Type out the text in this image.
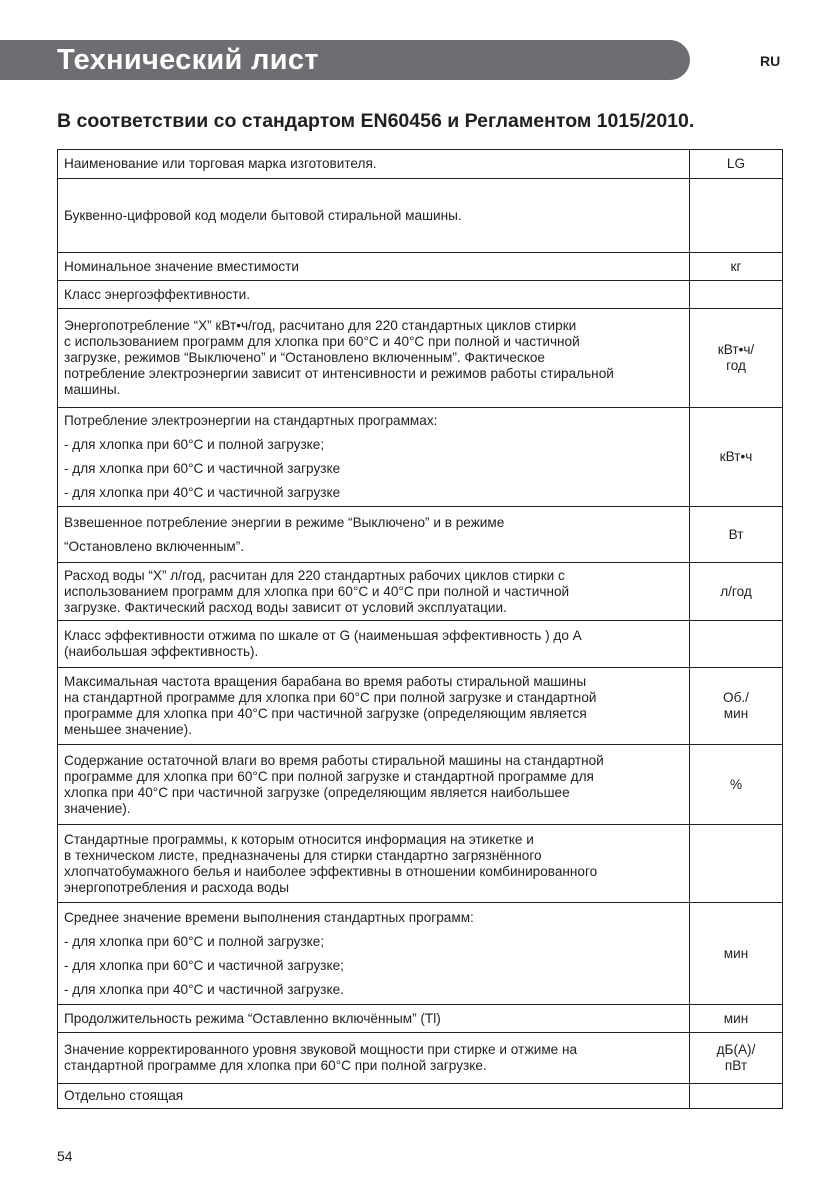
Технический лист	RU
В соответствии со стандартом EN60456 и Регламентом 1015/2010.
Наименование или торговая марка изготовителя.	LG

Буквенно-цифровой код модели бытовой стиральной машины.	

Номинальное значение вместимости	кг

Класс энергоэффективности.	

Энергопотребление “X” кВт•ч/год, расчитано для 220 стандартных циклов стирки
с использованием программ для хлопка при 60°С и 40°С при полной и частичной
загрузке, режимов “Выключено” и “Остановлено включенным”. Фактическое
потребление электроэнергии зависит от интенсивности и режимов работы стиральной
машины.	кВт•ч/
год

Потребление электроэнергии на стандартных программах:
- для хлопка при 60°С и полной загрузке;
- для хлопка при 60°С и частичной загрузке
- для хлопка при 40°С и частичной загрузке	кВт•ч

Взвешенное потребление энергии в режиме “Выключено” и в режиме
“Остановлено включенным”.	Вт

Расход воды “X” л/год, расчитан для 220 стандартных рабочих циклов стирки с
использованием программ для хлопка при 60°С и 40°С при полной и частичной
загрузке. Фактический расход воды зависит от условий эксплуатации.	л/год

Класс эффективности отжима по шкале от G (наименьшая эффективность ) до А
(наибольшая эффективность).	

Максимальная частота вращения барабана во время работы стиральной машины
на стандартной программе для хлопка при 60°С при полной загрузке и стандартной
программе для хлопка при 40°С при частичной загрузке (определяющим является
меньшее значение).	Об./
мин

Содержание остаточной влаги во время работы стиральной машины на стандартной
программе для хлопка при 60°С при полной загрузке и стандартной программе для
хлопка при 40°С при частичной загрузке (определяющим является наибольшее
значение).	%

Стандартные программы, к которым относится информация на этикетке и
в техническом листе, предназначены для стирки стандартно загрязнённого
хлопчатобумажного белья и наиболее эффективны в отношении комбинированного
энергопотребления и расхода воды	

Среднее значение времени выполнения стандартных программ:
- для хлопка при 60°С и полной загрузке;
- для хлопка при 60°С и частичной загрузке;
- для хлопка при 40°С и частичной загрузке.	мин

Продолжительность режима “Оставленно включённым” (Tl)	мин

Значение корректированного уровня звуковой мощности при стирке и отжиме на
стандартной программе для хлопка при 60°С при полной загрузке.	дБ(А)/
пВт

Отдельно стоящая	

54
